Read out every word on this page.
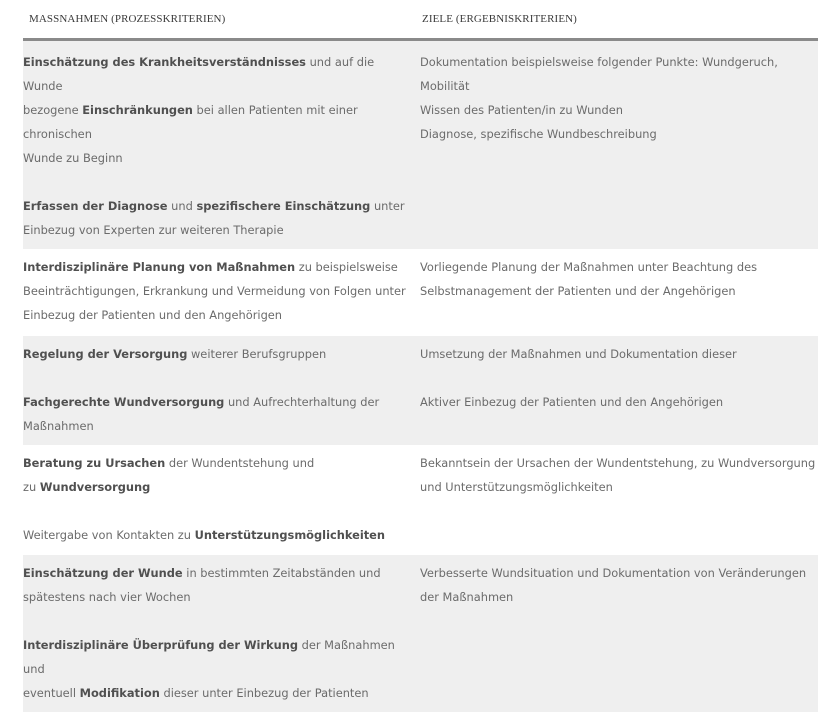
MASSNAHMEN (PROZESSKRITERIEN)	ZIELE (ERGEBNISKRITERIEN)
Einschätzung des Krankheitsverständnisses und auf die Wunde
bezogene Einschränkungen bei allen Patienten mit einer chronischen
Wunde zu Beginn
Erfassen der Diagnose und spezifischere Einschätzung unter
Einbezug von Experten zur weiteren Therapie
Dokumentation beispielsweise folgender Punkte: Wundgeruch,
Mobilität
Wissen des Patienten/in zu Wunden
Diagnose, spezifische Wundbeschreibung
Interdisziplinäre Planung von Maßnahmen zu beispielsweise
Beeinträchtigungen, Erkrankung und Vermeidung von Folgen unter
Einbezug der Patienten und den Angehörigen
Vorliegende Planung der Maßnahmen unter Beachtung des
Selbstmanagement der Patienten und der Angehörigen
Regelung der Versorgung weiterer Berufsgruppen
Fachgerechte Wundversorgung und Aufrechterhaltung der
Maßnahmen
Umsetzung der Maßnahmen und Dokumentation dieser
Aktiver Einbezug der Patienten und den Angehörigen
Beratung zu Ursachen der Wundentstehung und
zu Wundversorgung
Weitergabe von Kontakten zu Unterstützungsmöglichkeiten
Bekanntsein der Ursachen der Wundentstehung, zu Wundversorgung
und Unterstützungsmöglichkeiten
Einschätzung der Wunde in bestimmten Zeitabständen und
spätestens nach vier Wochen
Interdisziplinäre Überprüfung der Wirkung der Maßnahmen und
eventuell Modifikation dieser unter Einbezug der Patienten
Verbesserte Wundsituation und Dokumentation von Veränderungen
der Maßnahmen
